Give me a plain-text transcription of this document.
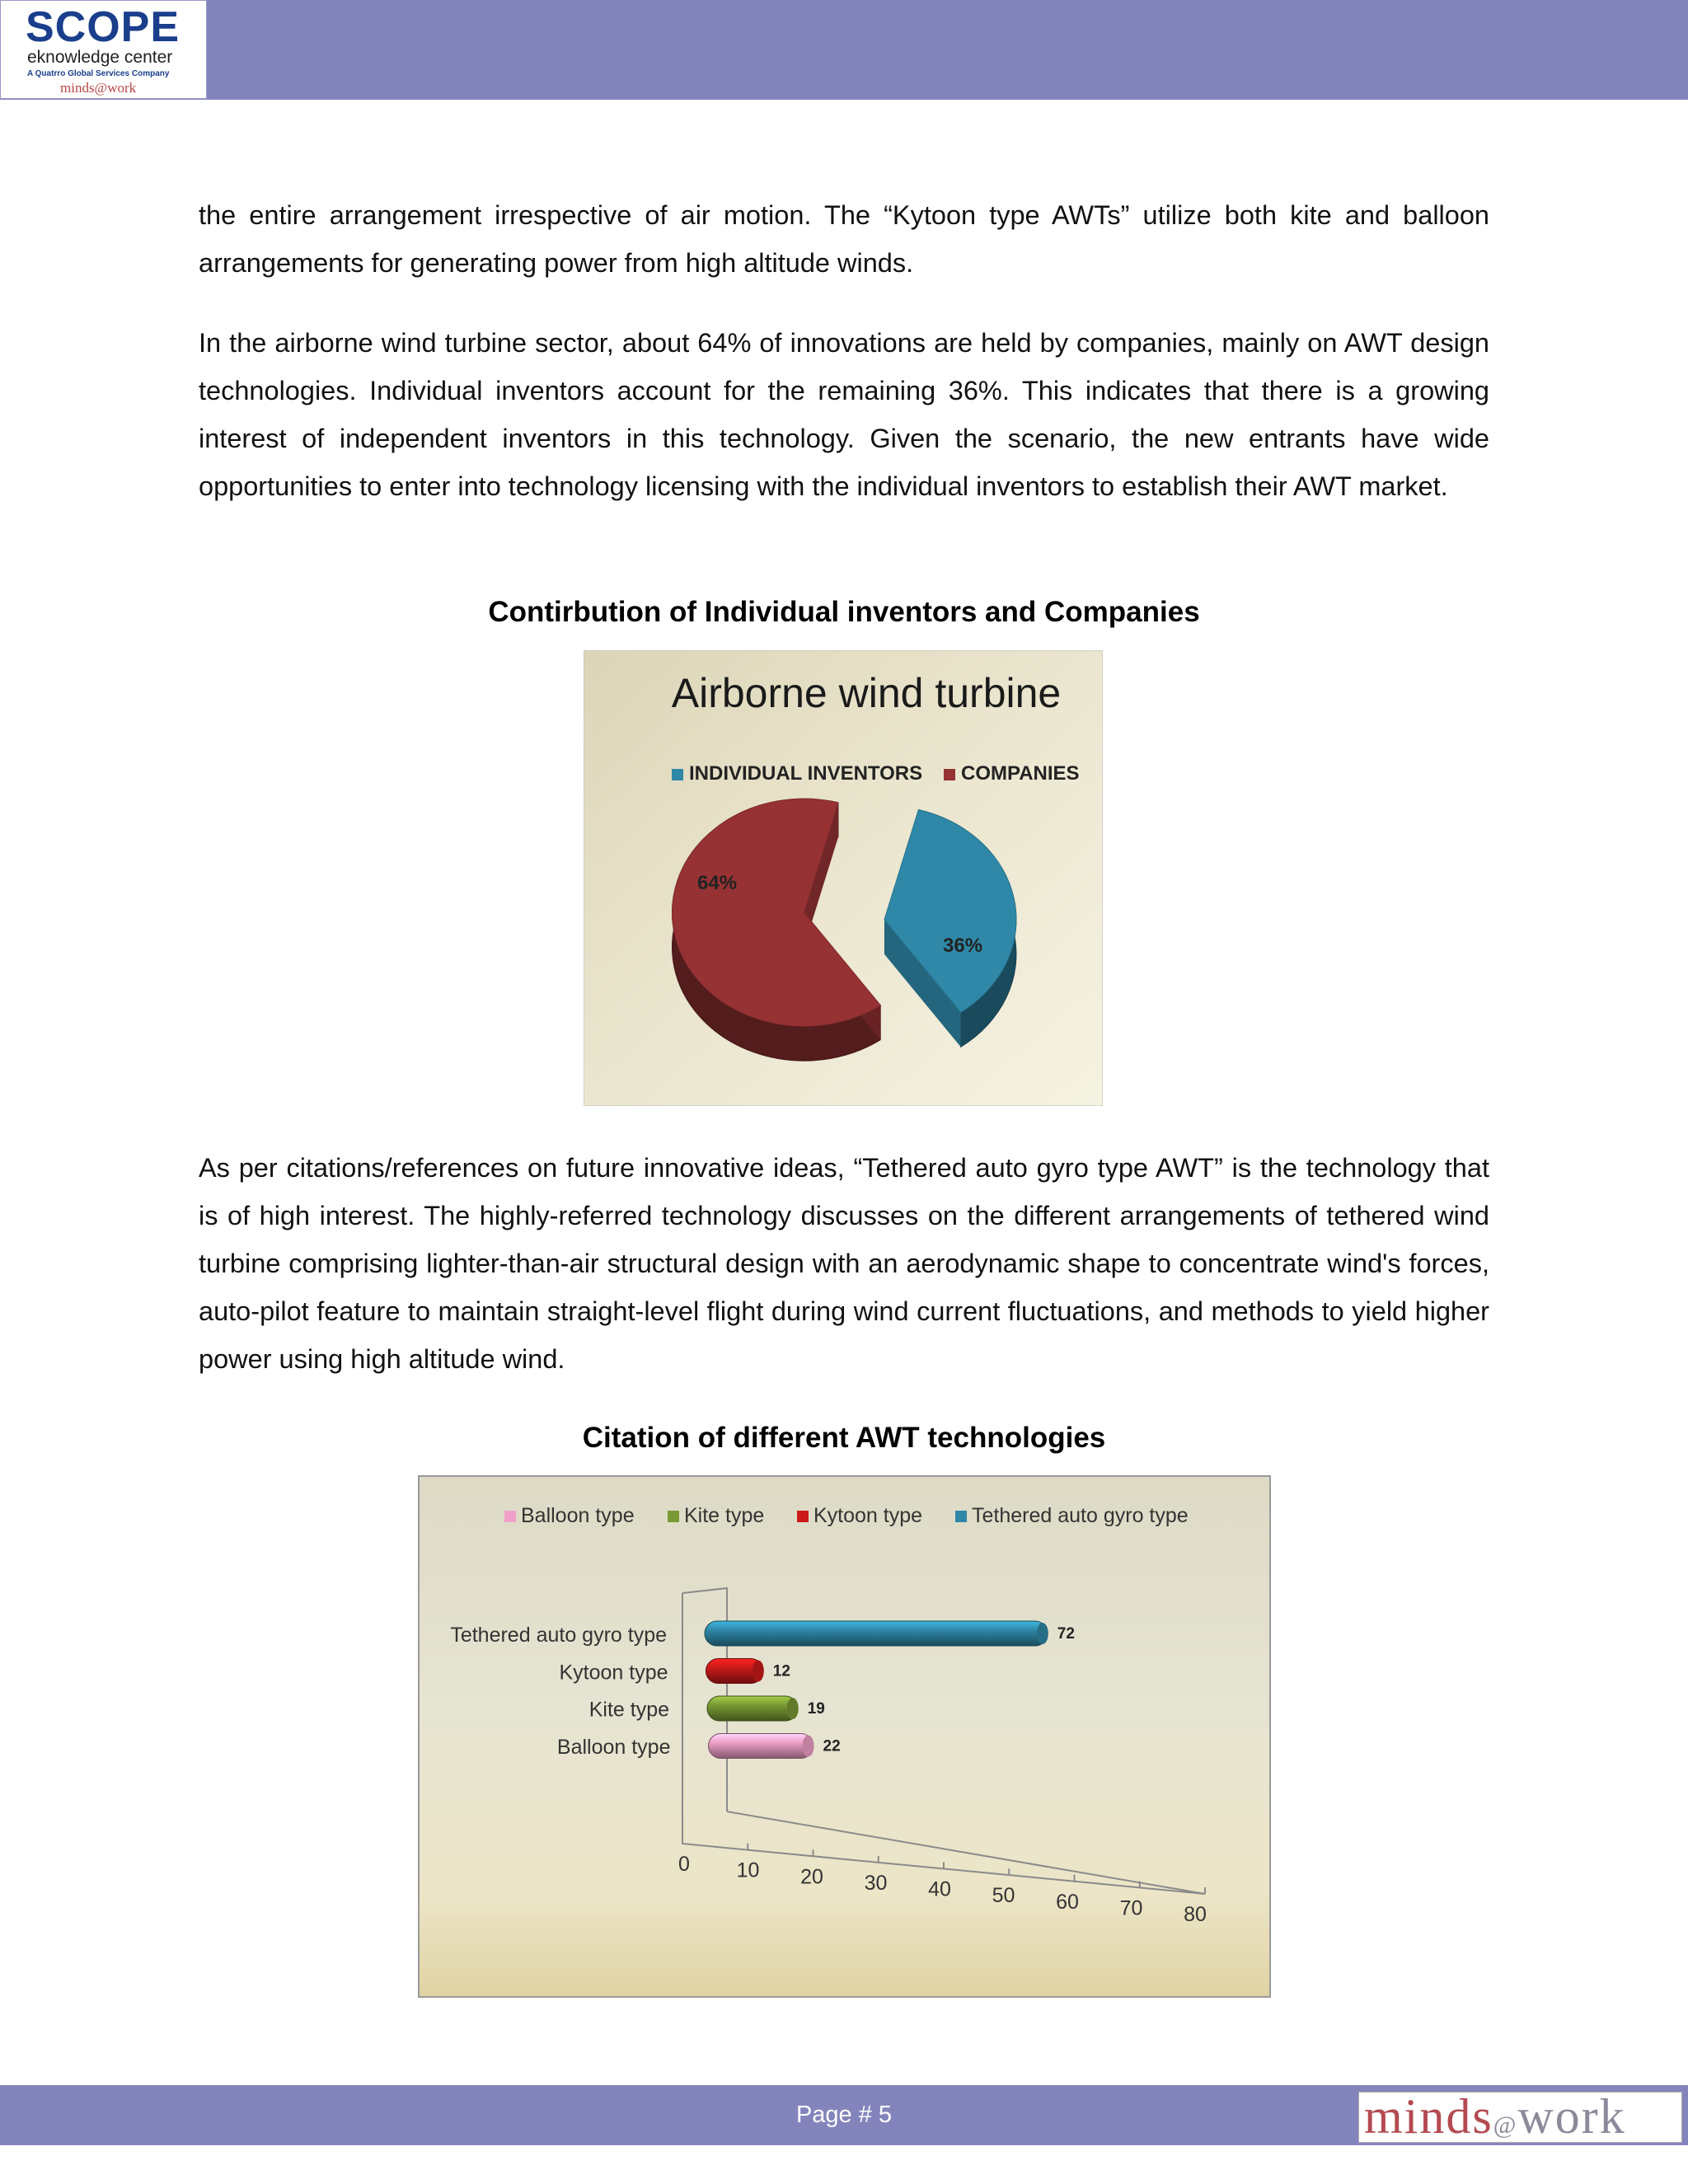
SCOPE
eknowledge center
A Quatrro Global Services Company
minds@work

the entire arrangement irrespective of air motion. The “Kytoon type AWTs” utilize both kite and balloon arrangements for generating power from high altitude winds.

In the airborne wind turbine sector, about 64% of innovations are held by companies, mainly on AWT design technologies. Individual inventors account for the remaining 36%. This indicates that there is a growing interest of independent inventors in this technology. Given the scenario, the new entrants have wide opportunities to enter into technology licensing with the individual inventors to establish their AWT market.

Contirbution of Individual inventors and Companies

Airborne wind turbine
INDIVIDUAL INVENTORS COMPANIES
64%
36%

As per citations/references on future innovative ideas, “Tethered auto gyro type AWT” is the technology that is of high interest. The highly-referred technology discusses on the different arrangements of tethered wind turbine comprising lighter-than-air structural design with an aerodynamic shape to concentrate wind's forces, auto-pilot feature to maintain straight-level flight during wind current fluctuations, and methods to yield higher power using high altitude wind.

Citation of different AWT technologies

Balloon type Kite type Kytoon type Tethered auto gyro type
Tethered auto gyro type
Kytoon type
Kite type
Balloon type
72
12
19
22
0 10 20 30 40 50 60 70 80
Page # 5	minds@work
